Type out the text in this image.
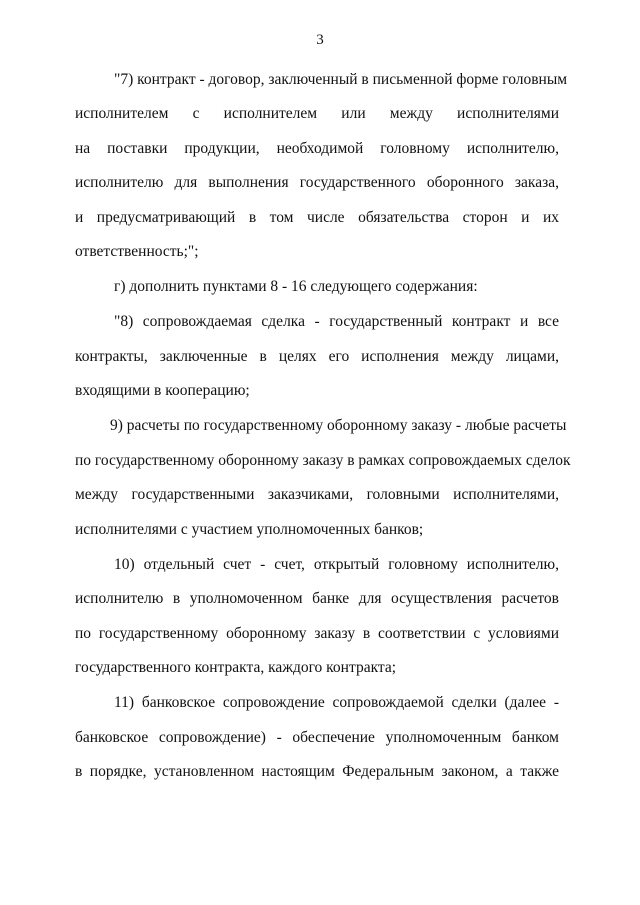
3
"7) контракт - договор, заключенный в письменной форме головным
исполнителем с исполнителем или между исполнителями
на поставки продукции, необходимой головному исполнителю,
исполнителю для выполнения государственного оборонного заказа,
и предусматривающий в том числе обязательства сторон и их
ответственность;";
г) дополнить пунктами 8 - 16 следующего содержания:
"8) сопровождаемая сделка - государственный контракт и все
контракты, заключенные в целях его исполнения между лицами,
входящими в кооперацию;
9) расчеты по государственному оборонному заказу - любые расчеты
по государственному оборонному заказу в рамках сопровождаемых сделок
между государственными заказчиками, головными исполнителями,
исполнителями с участием уполномоченных банков;
10) отдельный счет - счет, открытый головному исполнителю,
исполнителю в уполномоченном банке для осуществления расчетов
по государственному оборонному заказу в соответствии с условиями
государственного контракта, каждого контракта;
11) банковское сопровождение сопровождаемой сделки (далее -
банковское сопровождение) - обеспечение уполномоченным банком
в порядке, установленном настоящим Федеральным законом, а также
